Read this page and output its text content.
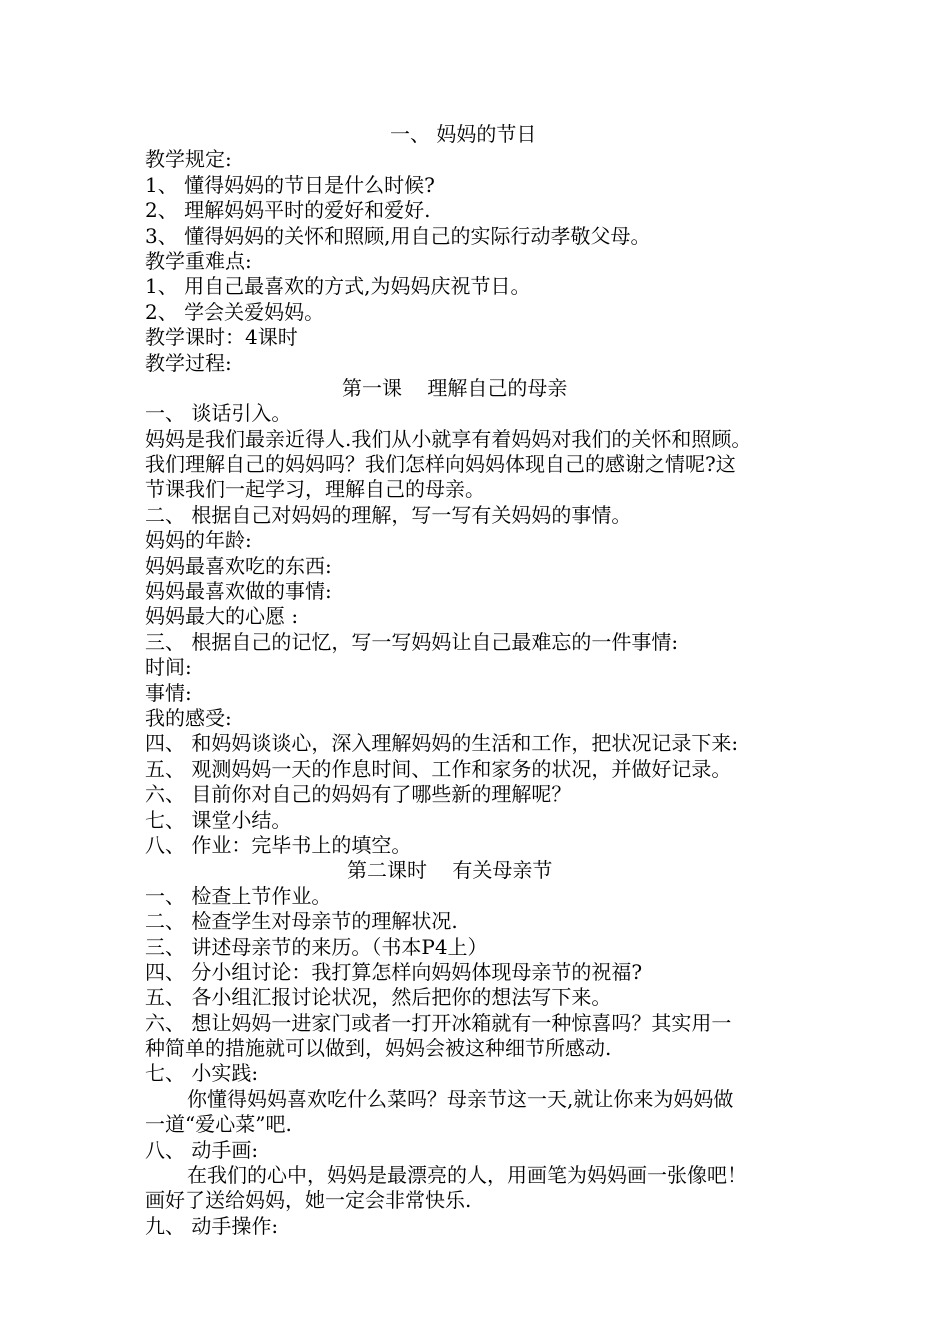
一、 妈妈的节日
教学规定:
1、 懂得妈妈的节日是什么时候?
2、 理解妈妈平时的爱好和爱好.
3、 懂得妈妈的关怀和照顾,用自己的实际行动孝敬父母。
教学重难点:
1、 用自己最喜欢的方式,为妈妈庆祝节日。
2、 学会关爱妈妈。
教学课时：4课时
教学过程:
第一课    理解自己的母亲
一、 谈话引入。
妈妈是我们最亲近得人.我们从小就享有着妈妈对我们的关怀和照顾。
我们理解自己的妈妈吗？我们怎样向妈妈体现自己的感谢之情呢?这
节课我们一起学习，理解自己的母亲。
二、 根据自己对妈妈的理解，写一写有关妈妈的事情。
妈妈的年龄:
妈妈最喜欢吃的东西:
妈妈最喜欢做的事情:
妈妈最大的心愿 :
三、 根据自己的记忆，写一写妈妈让自己最难忘的一件事情:
时间:
事情:
我的感受:
四、 和妈妈谈谈心，深入理解妈妈的生活和工作，把状况记录下来:
五、 观测妈妈一天的作息时间、工作和家务的状况，并做好记录。
六、 目前你对自己的妈妈有了哪些新的理解呢？
七、 课堂小结。
八、 作业：完毕书上的填空。
第二课时    有关母亲节
一、 检查上节作业。
二、 检查学生对母亲节的理解状况.
三、 讲述母亲节的来历。（书本P4上）
四、 分小组讨论：我打算怎样向妈妈体现母亲节的祝福?
五、 各小组汇报讨论状况，然后把你的想法写下来。
六、 想让妈妈一进家门或者一打开冰箱就有一种惊喜吗？其实用一
种简单的措施就可以做到，妈妈会被这种细节所感动.
七、 小实践:
你懂得妈妈喜欢吃什么菜吗？母亲节这一天,就让你来为妈妈做
一道“爱心菜”吧.
八、 动手画:
在我们的心中，妈妈是最漂亮的人，用画笔为妈妈画一张像吧！
画好了送给妈妈，她一定会非常快乐.
九、 动手操作:
